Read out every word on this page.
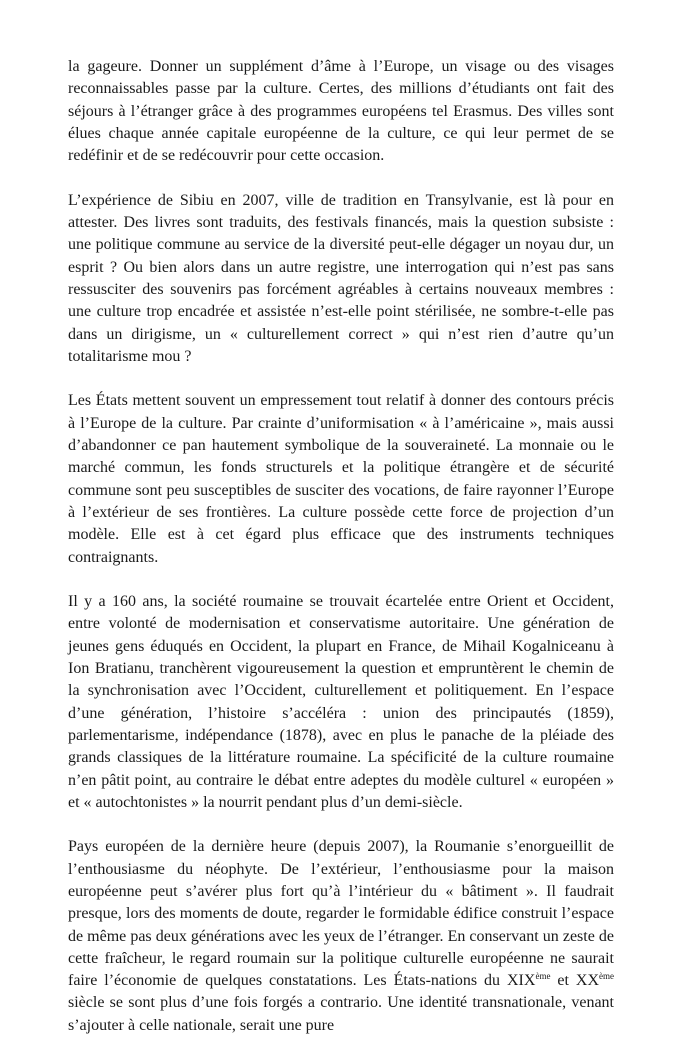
la gageure. Donner un supplément d’âme à l’Europe, un visage ou des visages reconnaissables passe par la culture. Certes, des millions d’étudiants ont fait des séjours à l’étranger grâce à des programmes européens tel Erasmus. Des villes sont élues chaque année capitale européenne de la culture, ce qui leur permet de se redéfinir et de se redécouvrir pour cette occasion.

L’expérience de Sibiu en 2007, ville de tradition en Transylvanie, est là pour en attester. Des livres sont traduits, des festivals financés, mais la question subsiste : une politique commune au service de la diversité peut-elle dégager un noyau dur, un esprit ? Ou bien alors dans un autre registre, une interrogation qui n’est pas sans ressusciter des souvenirs pas forcément agréables à certains nouveaux membres : une culture trop encadrée et assistée n’est-elle point stérilisée, ne sombre-t-elle pas dans un dirigisme, un « culturellement correct » qui n’est rien d’autre qu’un totalitarisme mou ?

Les États mettent souvent un empressement tout relatif à donner des contours précis à l’Europe de la culture. Par crainte d’uniformisation « à l’américaine », mais aussi d’abandonner ce pan hautement symbolique de la souveraineté. La monnaie ou le marché commun, les fonds structurels et la politique étrangère et de sécurité commune sont peu susceptibles de susciter des vocations, de faire rayonner l’Europe à l’extérieur de ses frontières. La culture possède cette force de projection d’un modèle. Elle est à cet égard plus efficace que des instruments techniques contraignants.

Il y a 160 ans, la société roumaine se trouvait écartelée entre Orient et Occident, entre volonté de modernisation et conservatisme autoritaire. Une génération de jeunes gens éduqués en Occident, la plupart en France, de Mihail Kogalniceanu à Ion Bratianu, tranchèrent vigoureusement la question et empruntèrent le chemin de la synchronisation avec l’Occident, culturellement et politiquement. En l’espace d’une génération, l’histoire s’accéléra : union des principautés (1859), parlementarisme, indépendance (1878), avec en plus le panache de la pléiade des grands classiques de la littérature roumaine. La spécificité de la culture roumaine n’en pâtit point, au contraire le débat entre adeptes du modèle culturel « européen » et « autochtonistes » la nourrit pendant plus d’un demi-siècle.

Pays européen de la dernière heure (depuis 2007), la Roumanie s’enorgueillit de l’enthousiasme du néophyte. De l’extérieur, l’enthousiasme pour la maison européenne peut s’avérer plus fort qu’à l’intérieur du « bâtiment ». Il faudrait presque, lors des moments de doute, regarder le formidable édifice construit l’espace de même pas deux générations avec les yeux de l’étranger. En conservant un zeste de cette fraîcheur, le regard roumain sur la politique culturelle européenne ne saurait faire l’économie de quelques constatations. Les États-nations du XIXème et XXème siècle se sont plus d’une fois forgés a contrario. Une identité transnationale, venant s’ajouter à celle nationale, serait une pure
